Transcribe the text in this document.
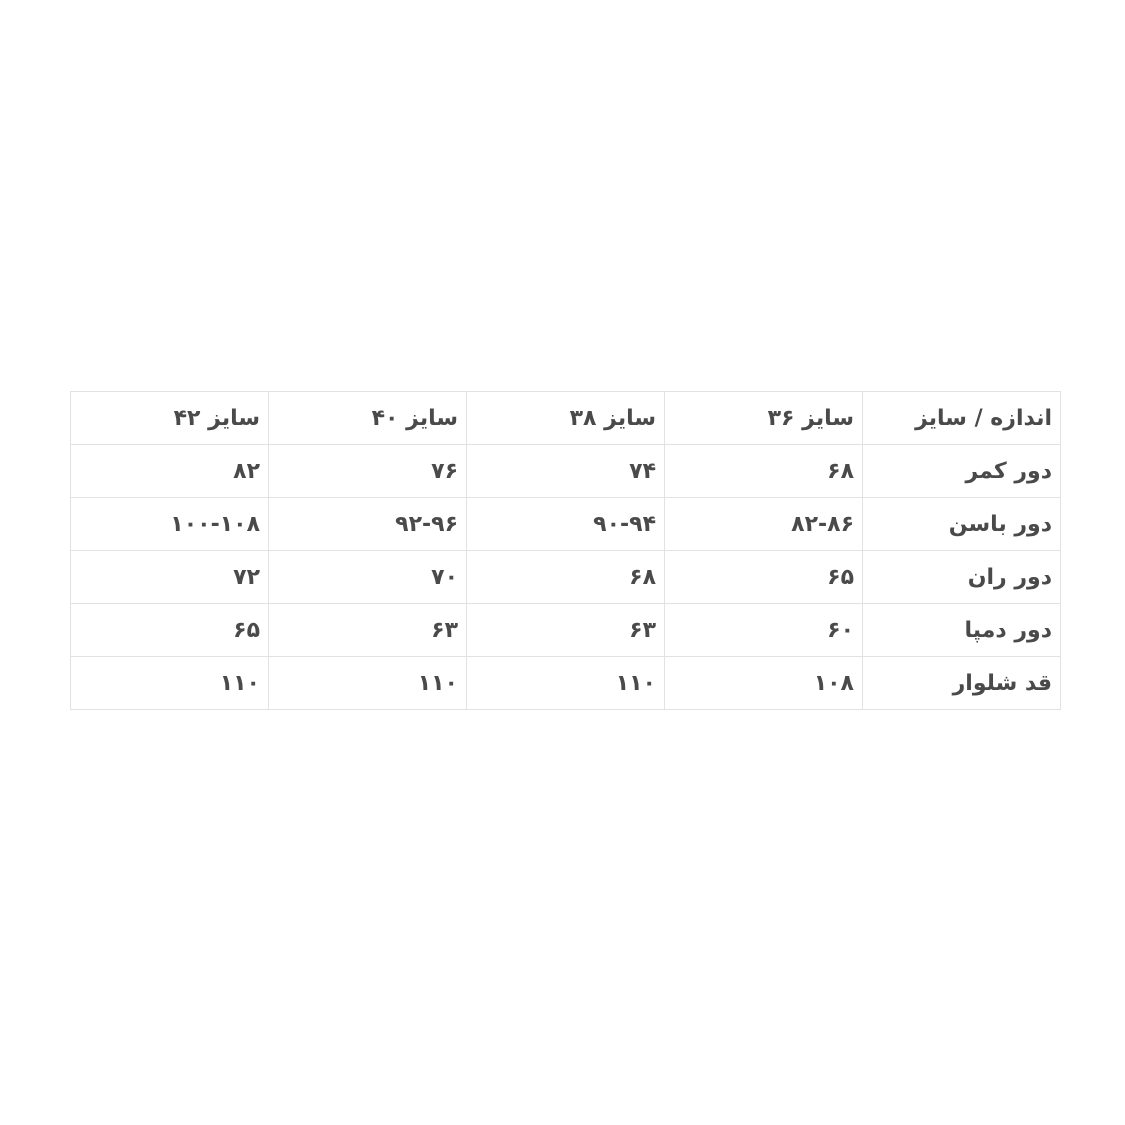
اندازه / سایز	سایز ۳۶	سایز ۳۸	سایز ۴۰	سایز ۴۲
دور کمر	۶۸	۷۴	۷۶	۸۲
دور باسن	۸۲-۸۶	۹۰-۹۴	۹۲-۹۶	۱۰۰-۱۰۸
دور ران	۶۵	۶۸	۷۰	۷۲
دور دمپا	۶۰	۶۳	۶۳	۶۵
قد شلوار	۱۰۸	۱۱۰	۱۱۰	۱۱۰
